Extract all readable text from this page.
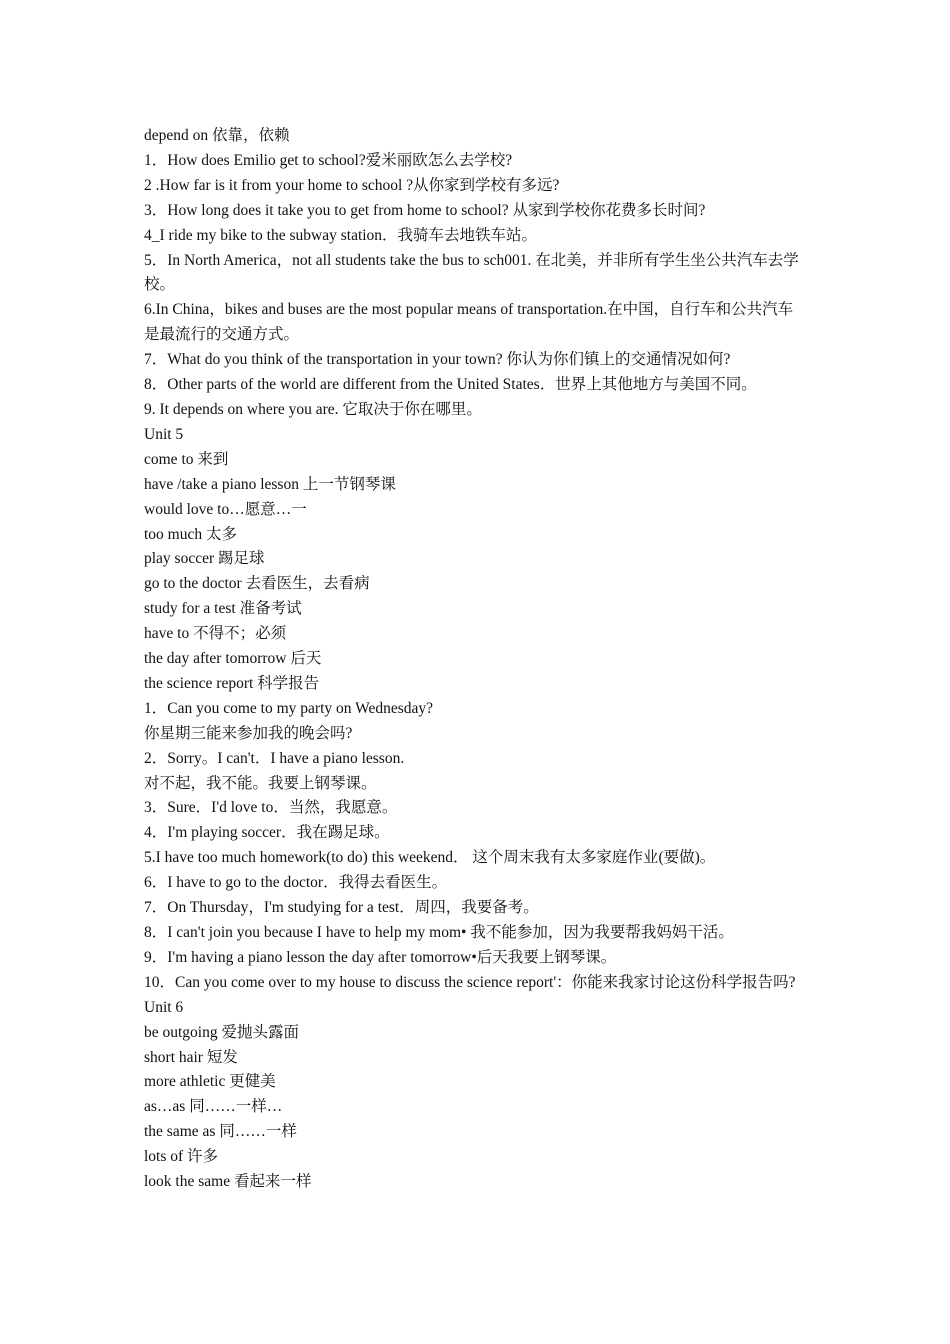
depend on 依靠，依赖

1．How does Emilio get to school?爱米丽欧怎么去学校?

2 .How far is it from your home to school ?从你家到学校有多远?

3．How long does it take you to get from home to school? 从家到学校你花费多长时间?

4_I ride my bike to the subway station．我骑车去地铁车站。

5．In North America，not all students take the bus to sch001. 在北美，并非所有学生坐公共汽车去学校。

6.In China，bikes and buses are the most popular means of transportation.在中国，自行车和公共汽车是最流行的交通方式。

7．What do you think of the transportation in your town? 你认为你们镇上的交通情况如何?

8．Other parts of the world are different from the United States．世界上其他地方与美国不同。

9. It depends on where you are. 它取决于你在哪里。

Unit 5

come to 来到

have /take a piano lesson 上一节钢琴课

would love to…愿意…一

too much 太多

play soccer 踢足球

go to the doctor 去看医生，去看病

study for a test 准备考试

have to 不得不；必须

the day after tomorrow 后天

the science report 科学报告

1．Can you come to my party on Wednesday?

你星期三能来参加我的晚会吗?

2．Sorry。I can't．I have a piano lesson.

对不起，我不能。我要上钢琴课。

3．Sure．I'd love to．当然，我愿意。

4．I'm playing soccer．我在踢足球。

5.I have too much homework(to do) this weekend． 这个周末我有太多家庭作业(要做)。

6．I have to go to the doctor．我得去看医生。

7．On Thursday，I'm studying for a test．周四，我要备考。

8．I can't join you because I have to help my mom• 我不能参加，因为我要帮我妈妈干活。

9．I'm having a piano lesson the day after tomorrow•后天我要上钢琴课。

10．Can you come over to my house to discuss the science report'：你能来我家讨论这份科学报告吗?

Unit 6

be outgoing 爱抛头露面

short hair 短发

more athletic 更健美

as…as 同……一样…

the same as 同……一样

lots of 许多

look the same 看起来一样
